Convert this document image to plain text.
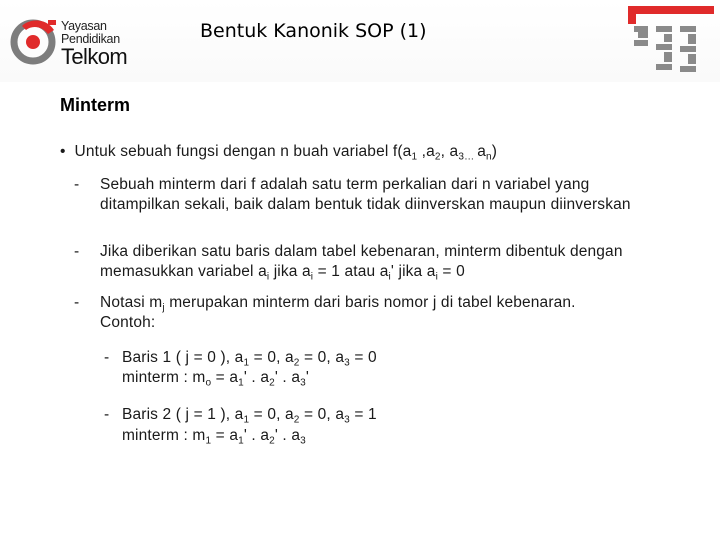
Yayasan
Pendidikan
Telkom
Bentuk Kanonik SOP (1)
Minterm
• Untuk sebuah fungsi dengan n buah variabel $f(a_1$ $,a_2$, $a_{3\dots}$ $a_n$)
- Sebuah minterm dari f adalah satu term perkalian dari n variabel yang
ditampilkan sekali, baik dalam bentuk tidak diinverskan maupun diinverskan
- Jika diberikan satu baris dalam tabel kebenaran, minterm dibentuk dengan
memasukkan variabel $a_i$ jika $a_i = 1$ atau $a_i'$ jika $a_i = 0$
- Notasi $m_j$ merupakan minterm dari baris nomor j di tabel kebenaran.
Contoh:
- Baris 1 ( j = 0 ), $a_1 = 0$, $a_2 = 0$, $a_3 = 0$
minterm : $m_o = a_1'$ . $a_2'$ . $a_3'$
- Baris 2 ( j = 1 ), $a_1 = 0$, $a_2 = 0$, $a_3 = 1$
minterm : $m_1 = a_1'$ . $a_2'$ . $a_3$
